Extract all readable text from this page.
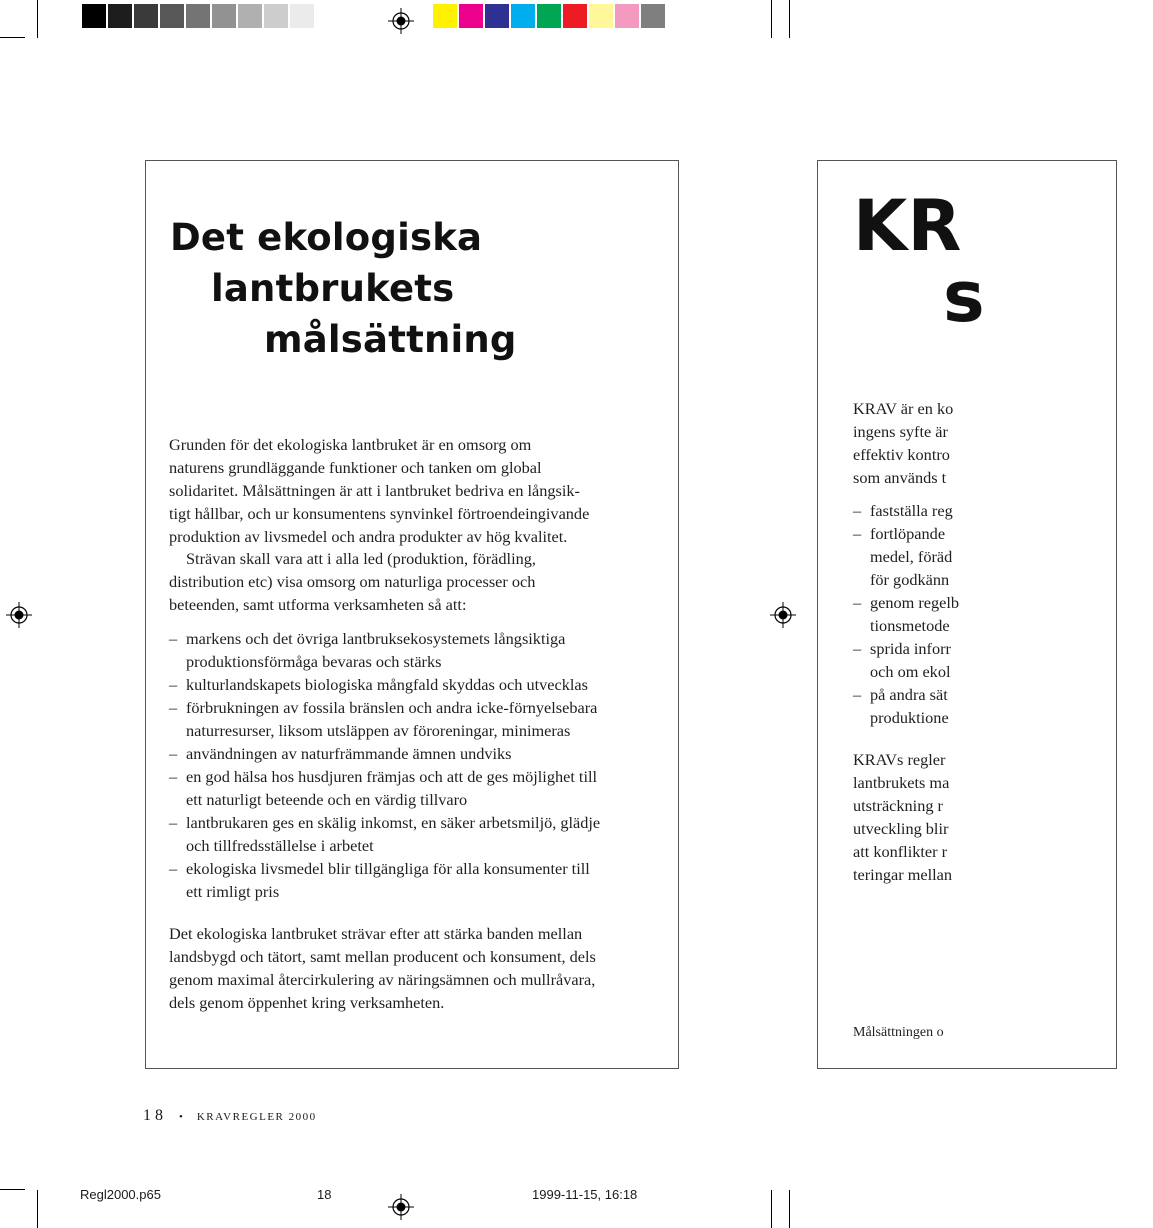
Det ekologiska
lantbrukets
målsättning
Grunden för det ekologiska lantbruket är en omsorg om
naturens grundläggande funktioner och tanken om global
solidaritet. Målsättningen är att i lantbruket bedriva en långsik-
tigt hållbar, och ur konsumentens synvinkel förtroendeingivande
produktion av livsmedel och andra produkter av hög kvalitet.
Strävan skall vara att i alla led (produktion, förädling,
distribution etc) visa omsorg om naturliga processer och
beteenden, samt utforma verksamheten så att:
– markens och det övriga lantbruksekosystemets långsiktiga
produktionsförmåga bevaras och stärks
– kulturlandskapets biologiska mångfald skyddas och utvecklas
– förbrukningen av fossila bränslen och andra icke-förnyelsebara
naturresurser, liksom utsläppen av föroreningar, minimeras
– användningen av naturfrämmande ämnen undviks
– en god hälsa hos husdjuren främjas och att de ges möjlighet till
ett naturligt beteende och en värdig tillvaro
– lantbrukaren ges en skälig inkomst, en säker arbetsmiljö, glädje
och tillfredsställelse i arbetet
– ekologiska livsmedel blir tillgängliga för alla konsumenter till
ett rimligt pris
Det ekologiska lantbruket strävar efter att stärka banden mellan
landsbygd och tätort, samt mellan producent och konsument, dels
genom maximal återcirkulering av näringsämnen och mullråvara,
dels genom öppenhet kring verksamheten.
18 • KRAVREGLER 2000
KR
s
KRAV är en ko
ingens syfte är
effektiv kontro
som används t
– fastställa reg
– fortlöpande
medel, föräd
för godkänn
– genom regelb
tionsmetode
– sprida inforr
och om ekol
– på andra sät
produktione
KRAVs regler
lantbrukets ma
utsträckning r
utveckling blir
att konflikter r
teringar mellan
Målsättningen o
Regl2000.p65	18	1999-11-15, 16:18
